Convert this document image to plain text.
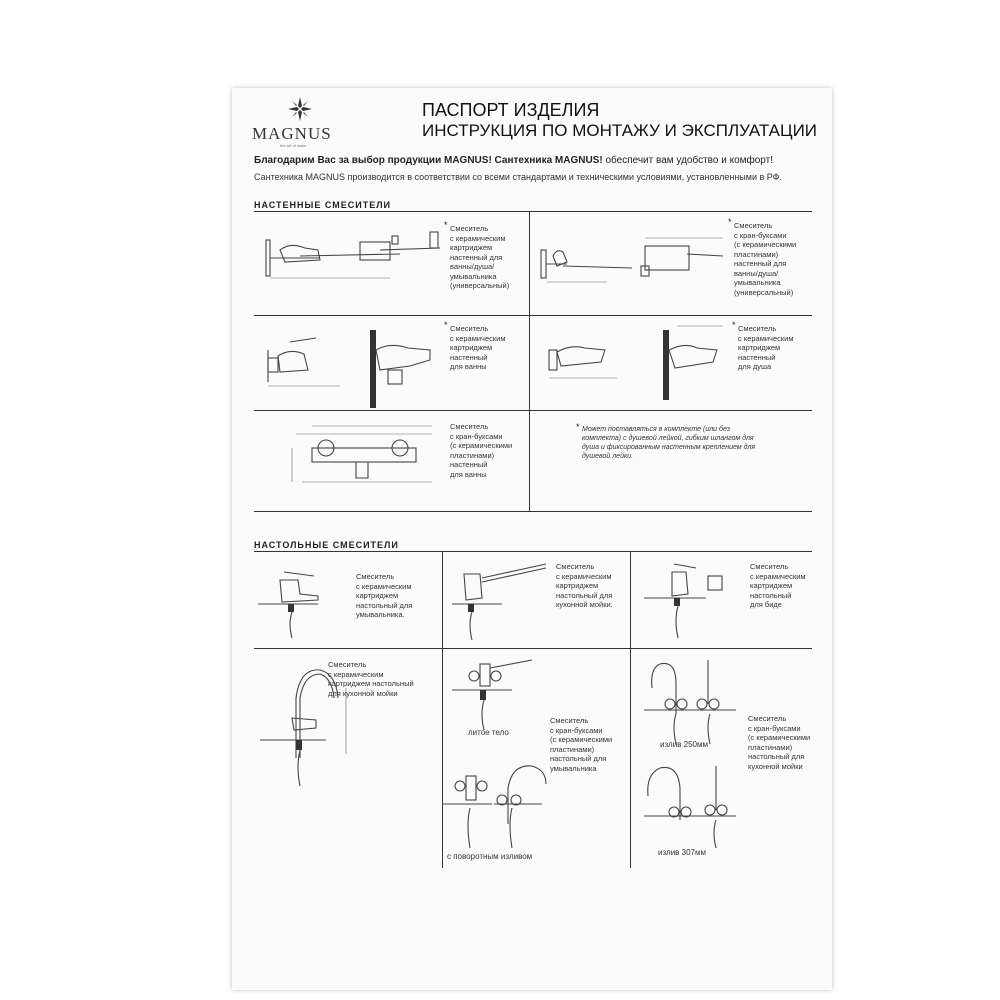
MAGNUS
the art of water
ПАСПОРТ ИЗДЕЛИЯ
ИНСТРУКЦИЯ ПО МОНТАЖУ И ЭКСПЛУАТАЦИИ
Благодарим Вас за выбор продукции MAGNUS! Сантехника MAGNUS! обеспечит вам удобство и комфорт!
Сантехника MAGNUS производится в соответствии со всеми стандартами и техническими условиями, установленными в РФ.
НАСТЕННЫЕ СМЕСИТЕЛИ
* Смеситель
с керамическим
картриджем
настенный для
ванны/душа/
умывальника
(универсальный)
* Смеситель
с кран-буксами
(с керамическими
пластинами)
настенный для
ванны/душа/
умывальника
(универсальный)
* Смеситель
с керамическим
картриджем
настенный
для ванны
* Смеситель
с керамическим
картриджем
настенный
для душа
Смеситель
с кран-буксами
(с керамическими
пластинами)
настенный
для ванны
* Может поставляться в комплекте (или без
комплекта) с душевой лейкой, гибким шлангом для
душа и фиксированным настенным креплением для
душевой лейки.
НАСТОЛЬНЫЕ СМЕСИТЕЛИ
Смеситель
с керамическим
картриджем
настольный для
умывальника.
Смеситель
с керамическим
картриджем
настольный для
кухонной мойки.
Смеситель
с керамическим
картриджем
настольный
для биде
Смеситель
с керамическим
картриджем настольный
для кухонной мойки
литое тело
Смеситель
с кран-буксами
(с керамическими
пластинами)
настольный для
умывальника
с поворотным изливом
излив 250мм
Смеситель
с кран-буксами
(с керамическими
пластинами)
настольный для
кухонной мойки
излив 307мм
